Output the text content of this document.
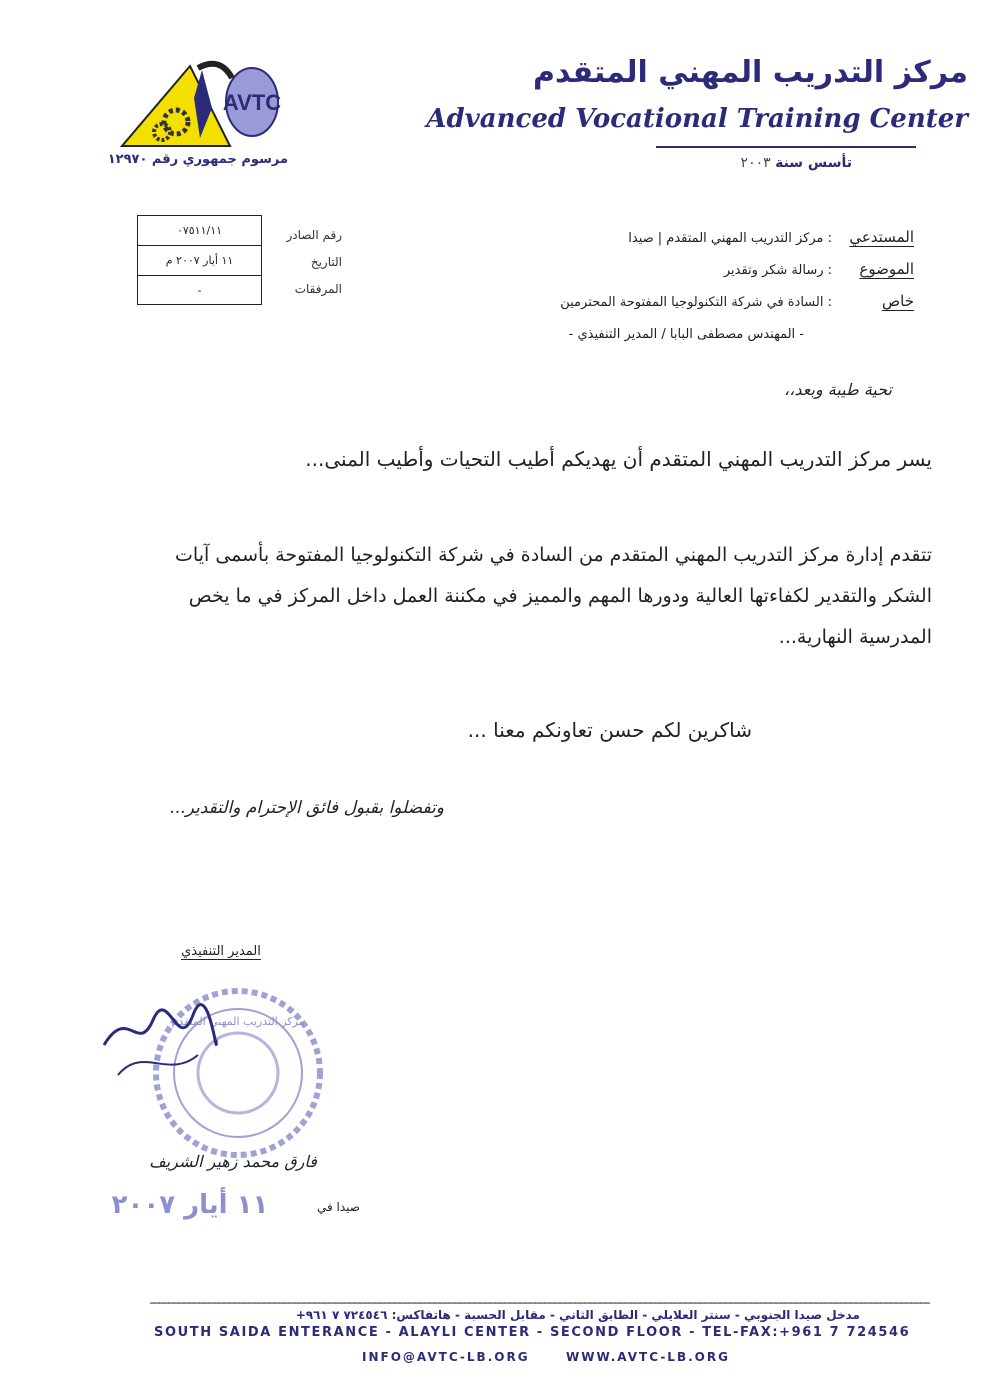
مركز التدريب المهني المتقدم
Advanced Vocational Training Center
تأسس سنة ٢٠٠٣
AVTC
مرسوم جمهوري رقم ١٢٩٧٠
رقم الصادر
التاريخ
المرفقات
٠٧٥١١/١١
١١ أيار ٢٠٠٧ م
-
المستدعي
: مركز التدريب المهني المتقدم | صيدا
الموضوع
: رسالة شكر وتقدير
خاص
: السادة في شركة التكنولوجيا المفتوحة المحترمين
- المهندس مصطفى البابا / المدير التنفيذي -
تحية طيبة وبعد،،
يسر مركز التدريب المهني المتقدم أن يهديكم أطيب التحيات وأطيب المنى...
تتقدم إدارة مركز التدريب المهني المتقدم من السادة في شركة التكنولوجيا المفتوحة بأسمى آيات الشكر والتقدير لكفاءتها العالية ودورها المهم والمميز في مكننة العمل داخل المركز في ما يخص المدرسية النهارية...
شاكرين لكم حسن تعاونكم معنا ...
وتفضلوا بقبول فائق الإحترام والتقدير...
المدير التنفيذي
مركز التدريب المهني المتقدم
فارق محمد زهير الشريف
صيدا في
١١ أيار ٢٠٠٧
مدخل صيدا الجنوبي - سنتر العلايلي - الطابق الثاني - مقابل الحسبة - هاتفاكس: ٧٢٤٥٤٦ ٧ ٩٦١+
SOUTH SAIDA ENTERANCE - ALAYLI CENTER - SECOND FLOOR - TEL-FAX:+961 7 724546
INFO@AVTC-LB.ORG	WWW.AVTC-LB.ORG
